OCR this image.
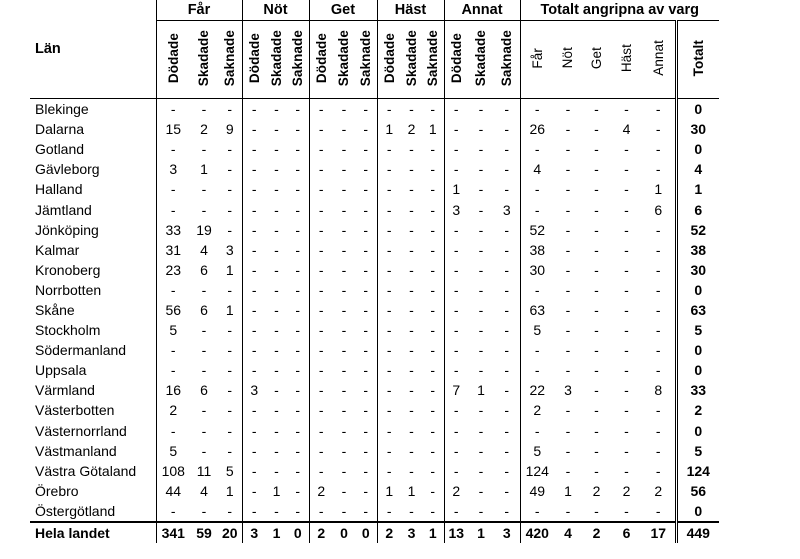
Län	Får			Nöt			Get			Häst			Annat			Totalt angripna av varg					
	Dödade	Skadade	Saknade	Dödade	Skadade	Saknade	Dödade	Skadade	Saknade	Dödade	Skadade	Saknade	Dödade	Skadade	Saknade	Får	Nöt	Get	Häst	Annat	Totalt
Blekinge	-	-	-	-	-	-	-	-	-	-	-	-	-	-	-	-	-	-	-	-	0
Dalarna	15	2	9	-	-	-	-	-	-	1	2	1	-	-	-	26	-	-	4	-	30
Gotland	-	-	-	-	-	-	-	-	-	-	-	-	-	-	-	-	-	-	-	-	0
Gävleborg	3	1	-	-	-	-	-	-	-	-	-	-	-	-	-	4	-	-	-	-	4
Halland	-	-	-	-	-	-	-	-	-	-	-	-	1	-	-	-	-	-	-	1	1
Jämtland	-	-	-	-	-	-	-	-	-	-	-	-	3	-	3	-	-	-	-	6	6
Jönköping	33	19	-	-	-	-	-	-	-	-	-	-	-	-	-	52	-	-	-	-	52
Kalmar	31	4	3	-	-	-	-	-	-	-	-	-	-	-	-	38	-	-	-	-	38
Kronoberg	23	6	1	-	-	-	-	-	-	-	-	-	-	-	-	30	-	-	-	-	30
Norrbotten	-	-	-	-	-	-	-	-	-	-	-	-	-	-	-	-	-	-	-	-	0
Skåne	56	6	1	-	-	-	-	-	-	-	-	-	-	-	-	63	-	-	-	-	63
Stockholm	5	-	-	-	-	-	-	-	-	-	-	-	-	-	-	5	-	-	-	-	5
Södermanland	-	-	-	-	-	-	-	-	-	-	-	-	-	-	-	-	-	-	-	-	0
Uppsala	-	-	-	-	-	-	-	-	-	-	-	-	-	-	-	-	-	-	-	-	0
Värmland	16	6	-	3	-	-	-	-	-	-	-	-	7	1	-	22	3	-	-	8	33
Västerbotten	2	-	-	-	-	-	-	-	-	-	-	-	-	-	-	2	-	-	-	-	2
Västernorrland	-	-	-	-	-	-	-	-	-	-	-	-	-	-	-	-	-	-	-	-	0
Västmanland	5	-	-	-	-	-	-	-	-	-	-	-	-	-	-	5	-	-	-	-	5
Västra Götaland	108	11	5	-	-	-	-	-	-	-	-	-	-	-	-	124	-	-	-	-	124
Örebro	44	4	1	-	1	-	2	-	-	1	1	-	2	-	-	49	1	2	2	2	56
Östergötland	-	-	-	-	-	-	-	-	-	-	-	-	-	-	-	-	-	-	-	-	0
Hela landet	341	59	20	3	1	0	2	0	0	2	3	1	13	1	3	420	4	2	6	17	449
